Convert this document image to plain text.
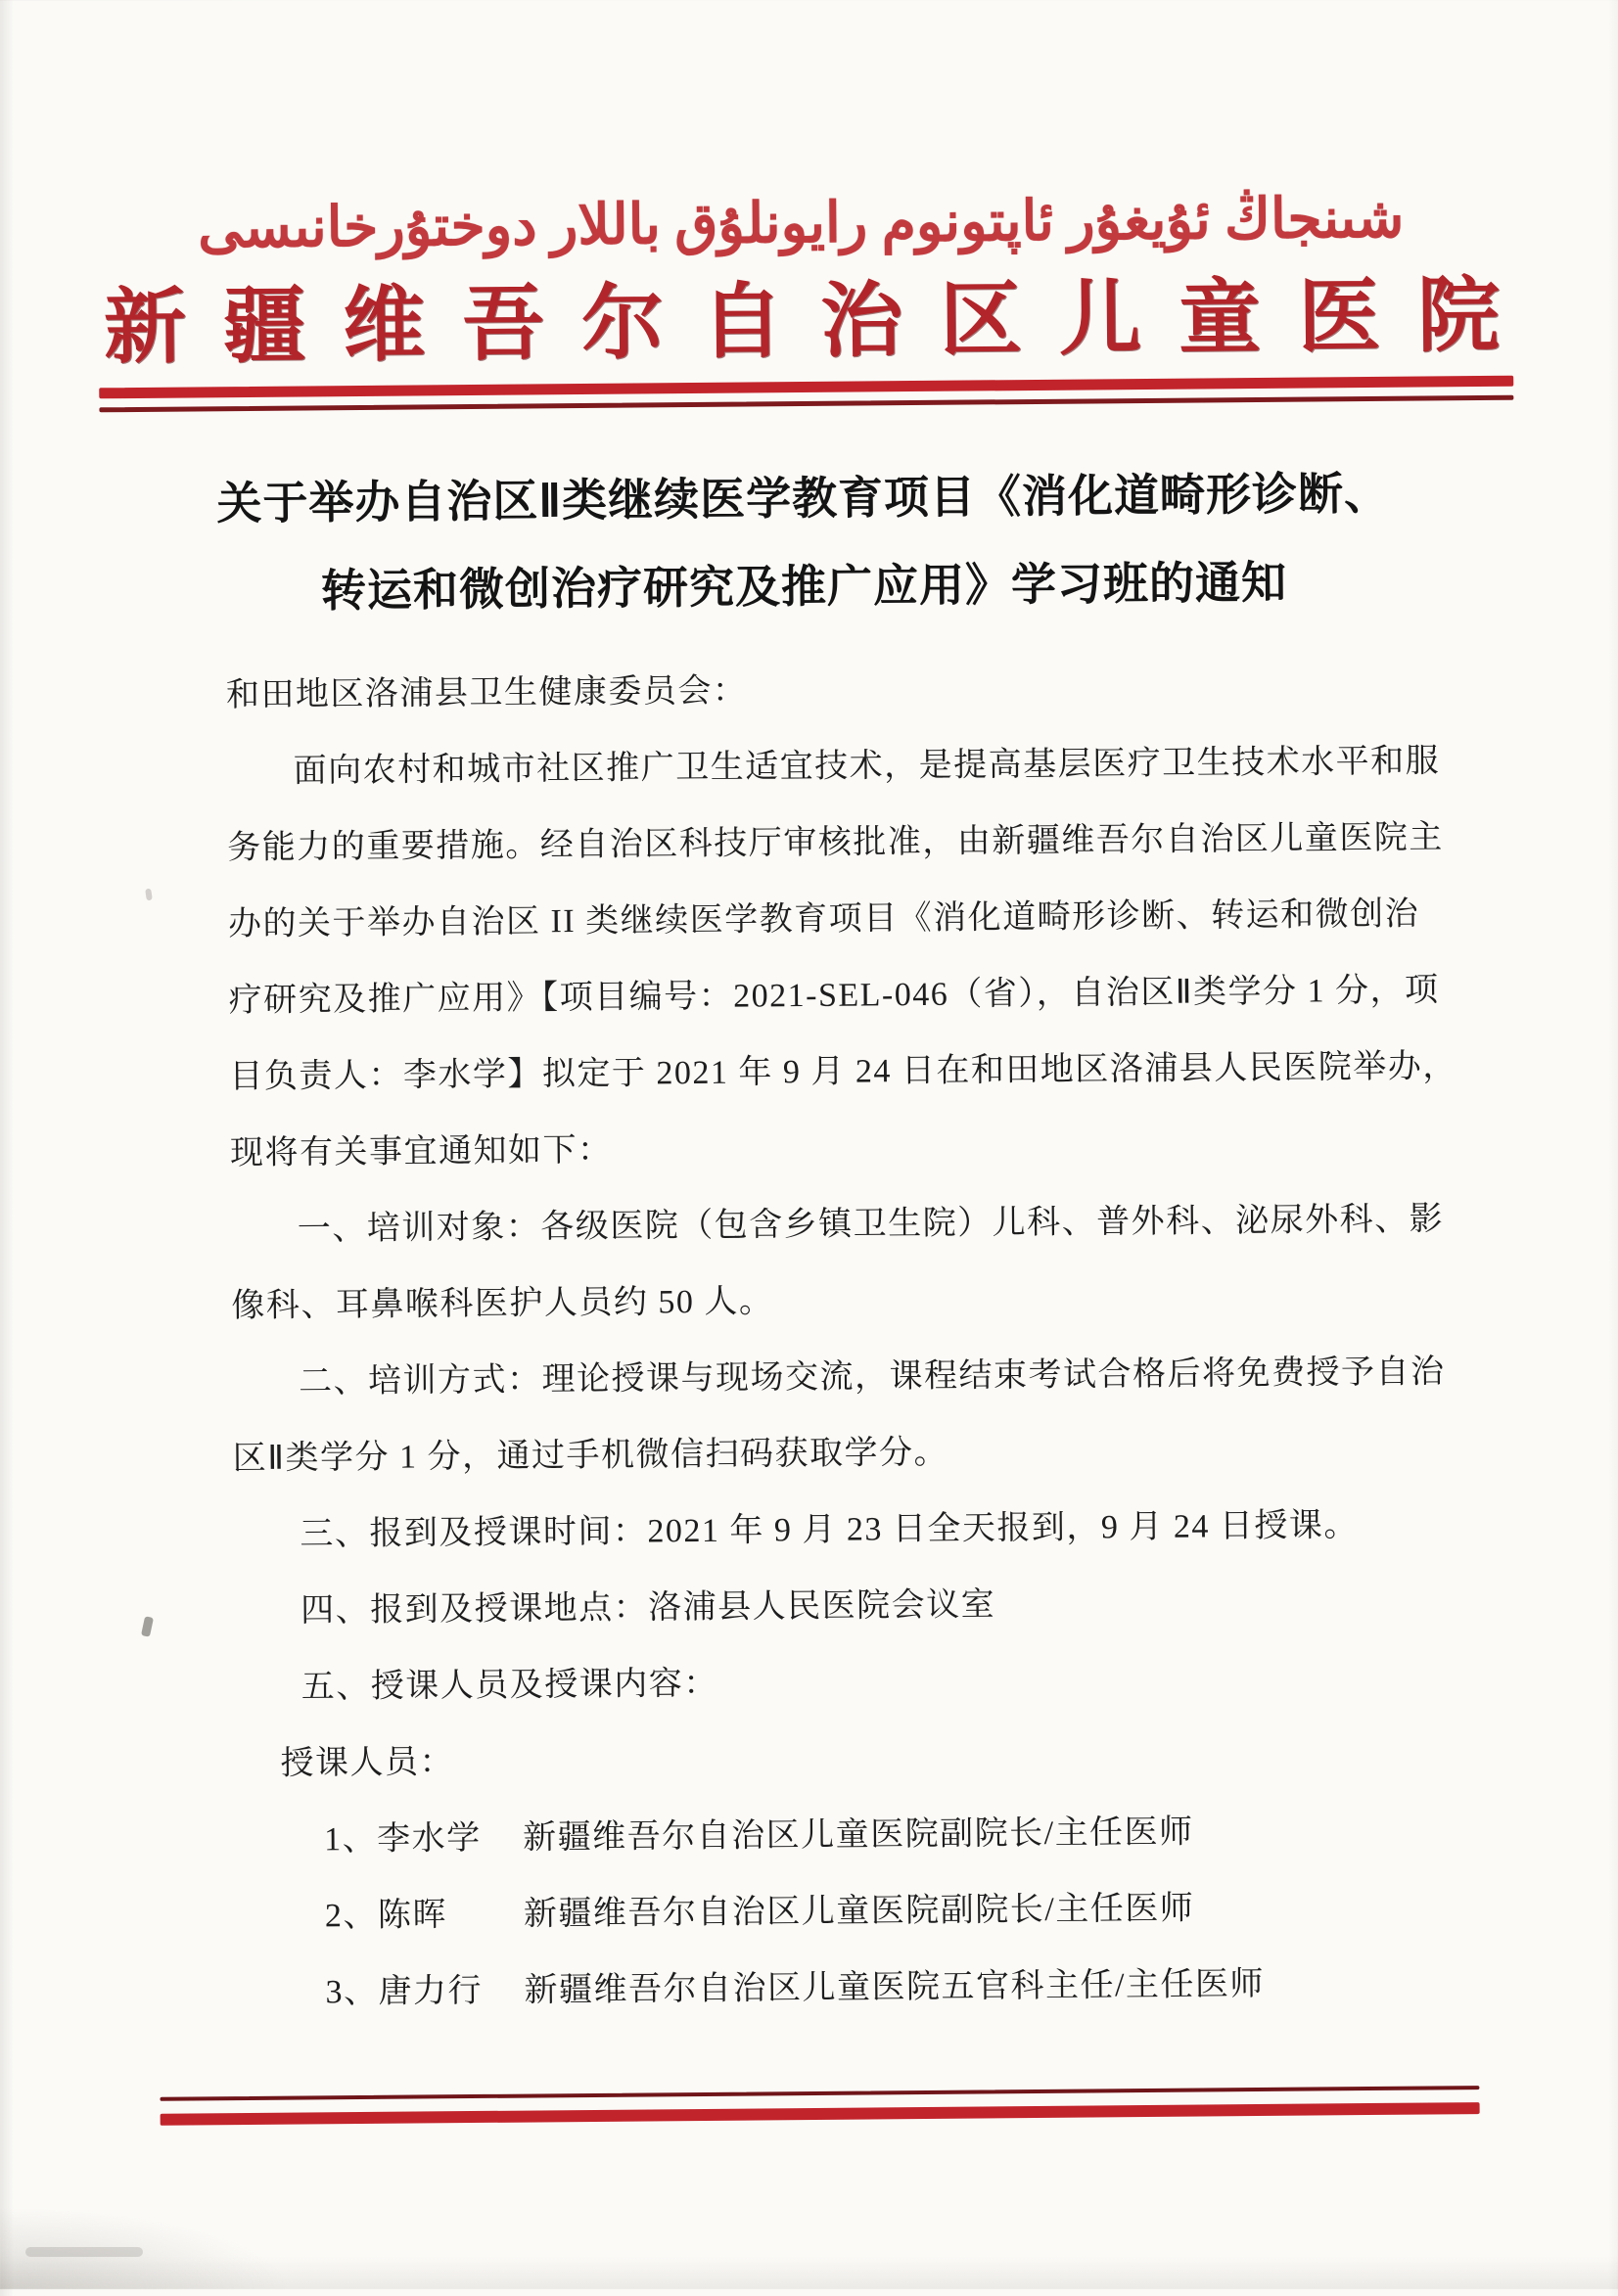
شىنجاڭ ئۇيغۇر ئاپتونوم رايونلۇق باللار دوختۇرخانىسى
新疆维吾尔自治区儿童医院
关于举办自治区Ⅱ类继续医学教育项目《消化道畸形诊断、
转运和微创治疗研究及推广应用》学习班的通知
和田地区洛浦县卫生健康委员会：
面向农村和城市社区推广卫生适宜技术，是提高基层医疗卫生技术水平和服
务能力的重要措施。经自治区科技厅审核批准，由新疆维吾尔自治区儿童医院主
办的关于举办自治区 II 类继续医学教育项目《消化道畸形诊断、转运和微创治
疗研究及推广应用》【项目编号：2021-SEL-046（省），自治区Ⅱ类学分 1 分，项
目负责人：李水学】拟定于 2021 年 9 月 24 日在和田地区洛浦县人民医院举办，
现将有关事宜通知如下：
一、培训对象：各级医院（包含乡镇卫生院）儿科、普外科、泌尿外科、影
像科、耳鼻喉科医护人员约 50 人。
二、培训方式：理论授课与现场交流，课程结束考试合格后将免费授予自治
区Ⅱ类学分 1 分，通过手机微信扫码获取学分。
三、报到及授课时间：2021 年 9 月 23 日全天报到，9 月 24 日授课。
四、报到及授课地点：洛浦县人民医院会议室
五、授课人员及授课内容：
授课人员：
1、 李水学 新疆维吾尔自治区儿童医院副院长/主任医师
2、 陈晖 新疆维吾尔自治区儿童医院副院长/主任医师
3、 唐力行 新疆维吾尔自治区儿童医院五官科主任/主任医师
